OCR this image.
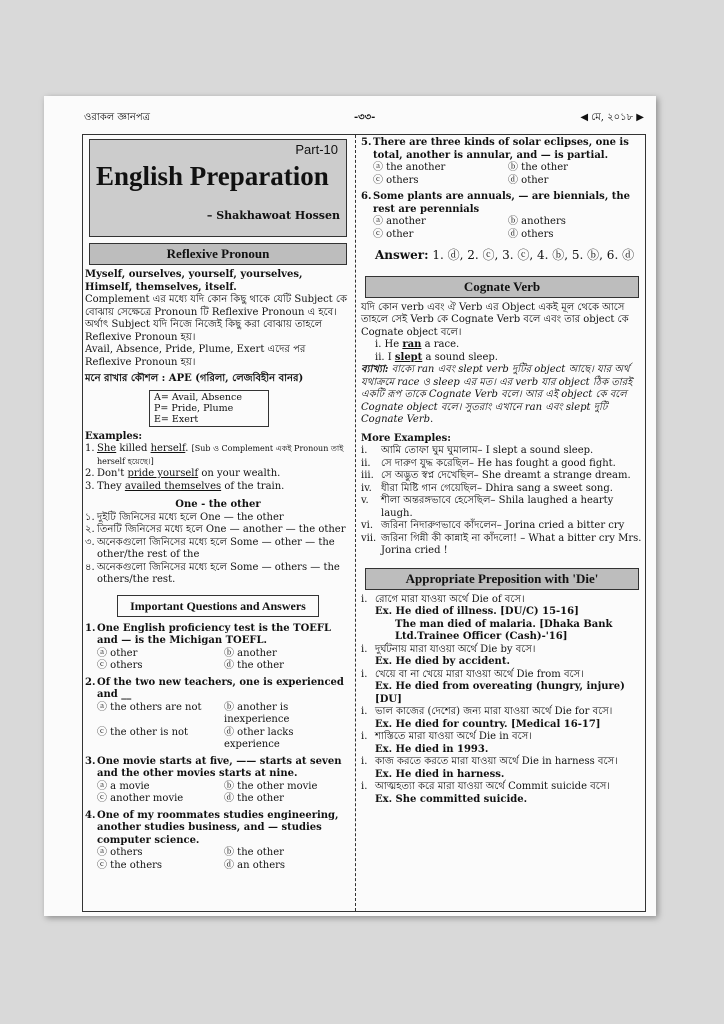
ওরাকল জ্ঞানপত্র	-৩৩-	◀ মে, ২০১৮ ▶
Part-10
English Preparation
– Shakhawoat Hossen
Reflexive Pronoun

Myself, ourselves, yourself, yourselves, Himself, themselves, itself.

Complement এর মধ্যে যদি কোন কিছু থাকে যেটি Subject কে বোঝায় সেক্ষেত্রে Pronoun টি Reflexive Pronoun এ হবে। অর্থাৎ Subject যদি নিজে নিজেই কিছু করা বোঝায় তাহলে Reflexive Pronoun হয়।

Avail, Absence, Pride, Plume, Exert এদের পর Reflexive Pronoun হয়।

মনে রাখার কৌশল : APE (গরিলা, লেজবিহীন বানর)

A= Avail, Absence
P= Pride, Plume
E= Exert

Examples:

1. She killed herself. [Sub ও Complement একই Pronoun তাই herself হয়েছে।]
2. Don't pride yourself on your wealth.
3. They availed themselves of the train.

One - the other

১. দুইটি জিনিসের মধ্যে হলে One — the other
২. তিনটি জিনিসের মধ্যে হলে One — another — the other
৩. অনেকগুলো জিনিসের মধ্যে হলে Some — other — the other/the rest of the
৪. অনেকগুলো জিনিসের মধ্যে হলে Some — others — the others/the rest.
Important Questions and Answers
1. One English proficiency test is the TOEFL and — is the Michigan TOEFL.
ⓐ other	ⓑ another
ⓒ others	ⓓ the other
2. Of the two new teachers, one is experienced and __
ⓐ the others are not	ⓑ another is inexperience
ⓒ the other is not	ⓓ other lacks experience
3. One movie starts at five, —— starts at seven and the other movies starts at nine.
ⓐ a movie	ⓑ the other movie
ⓒ another movie	ⓓ the other
4. One of my roommates studies engineering, another studies business, and — studies computer science.
ⓐ others	ⓑ the other
ⓒ the others	ⓓ an others
5. There are three kinds of solar eclipses, one is total, another is annular, and — is partial.
ⓐ the another	ⓑ the other
ⓒ others	ⓓ other
6. Some plants are annuals, — are biennials, the rest are perennials
ⓐ another	ⓑ anothers
ⓒ other	ⓓ others

Answer: 1. ⓓ, 2. ⓒ, 3. ⓒ, 4. ⓑ, 5. ⓑ, 6. ⓓ

Cognate Verb

যদি কোন verb এবং ঐ Verb এর Object একই মূল থেকে আসে তাহলে সেই Verb কে Cognate Verb বলে এবং তার object কে Cognate object বলে।

i. He ran a race.

ii. I slept a sound sleep.

ব্যাখ্যা: বাক্যে ran এবং slept verb দুটির object আছে। যার অর্থ যথাক্রমে race ও sleep এর মত। এর verb যার object ঠিক তারই একটি রূপ তাকে Cognate Verb বলে। আর এই object কে বলে Cognate object বলে। সুতরাং এখানে ran এবং slept দুটি Cognate Verb.

More Examples:

i. আমি তোফা ঘুম ঘুমালাম– I slept a sound sleep.
ii. সে দারুণ যুদ্ধ করেছিল– He has fought a good fight.
iii. সে অদ্ভুত স্বপ্ন দেখেছিল– She dreamt a strange dream.
iv. ধীরা মিষ্টি গান গেয়েছিল– Dhira sang a sweet song.
v. শীলা অন্তরঙ্গভাবে হেসেছিল– Shila laughed a hearty laugh.
vi. জরিনা নিদারুণভাবে কাঁদলেন– Jorina cried a bitter cry
vii. জরিনা গিন্নী কী কান্নাই না কাঁদলো! – What a bitter cry Mrs. Jorina cried !
Appropriate Preposition with 'Die'
i. রোগে মারা যাওয়া অর্থে Die of বসে।
Ex. He died of illness. [DU/C) 15-16]
The man died of malaria. [Dhaka Bank Ltd.Trainee Officer (Cash)-'16]
i. দুর্ঘটনায় মারা যাওয়া অর্থে Die by বসে।
Ex. He died by accident.
i. খেয়ে বা না খেয়ে মারা যাওয়া অর্থে Die from বসে।
Ex. He died from overeating (hungry, injure) [DU]
i. ভাল কাজের (দেশের) জন্য মারা যাওয়া অর্থে Die for বসে।
Ex. He died for country. [Medical 16-17]
i. শাস্তিতে মারা যাওয়া অর্থে Die in বসে।
Ex. He died in 1993.
i. কাজ করতে করতে মারা যাওয়া অর্থে Die in harness বসে।
Ex. He died in harness.
i. আত্মহত্যা করে মারা যাওয়া অর্থে Commit suicide বসে।
Ex. She committed suicide.
